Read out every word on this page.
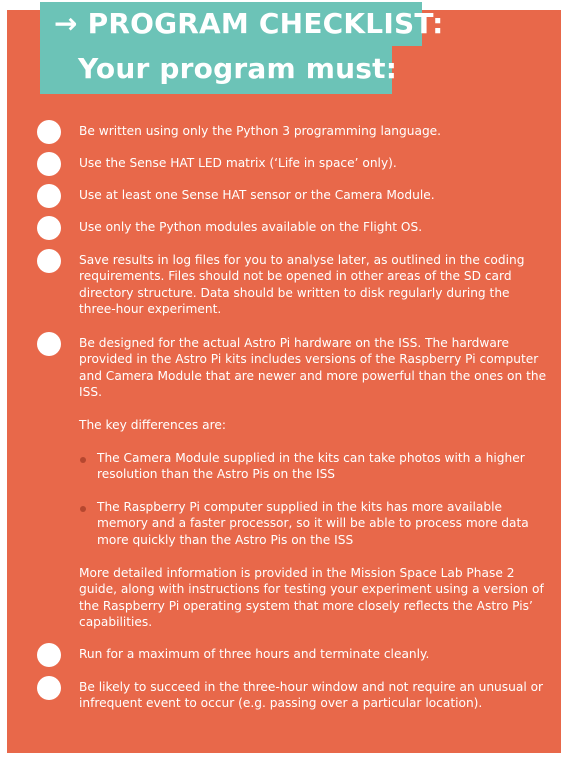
→ PROGRAM CHECKLIST:
Your program must:
Be written using only the Python 3 programming language.
Use the Sense HAT LED matrix (‘Life in space’ only).
Use at least one Sense HAT sensor or the Camera Module.
Use only the Python modules available on the Flight OS.
Save results in log files for you to analyse later, as outlined in the coding requirements. Files should not be opened in other areas of the SD card directory structure. Data should be written to disk regularly during the three-hour experiment.
Be designed for the actual Astro Pi hardware on the ISS. The hardware provided in the Astro Pi kits includes versions of the Raspberry Pi computer and Camera Module that are newer and more powerful than the ones on the ISS.
The key differences are:
The Camera Module supplied in the kits can take photos with a higher resolution than the Astro Pis on the ISS
The Raspberry Pi computer supplied in the kits has more available memory and a faster processor, so it will be able to process more data more quickly than the Astro Pis on the ISS
More detailed information is provided in the Mission Space Lab Phase 2 guide, along with instructions for testing your experiment using a version of the Raspberry Pi operating system that more closely reflects the Astro Pis’ capabilities.
Run for a maximum of three hours and terminate cleanly.
Be likely to succeed in the three-hour window and not require an unusual or infrequent event to occur (e.g. passing over a particular location).
